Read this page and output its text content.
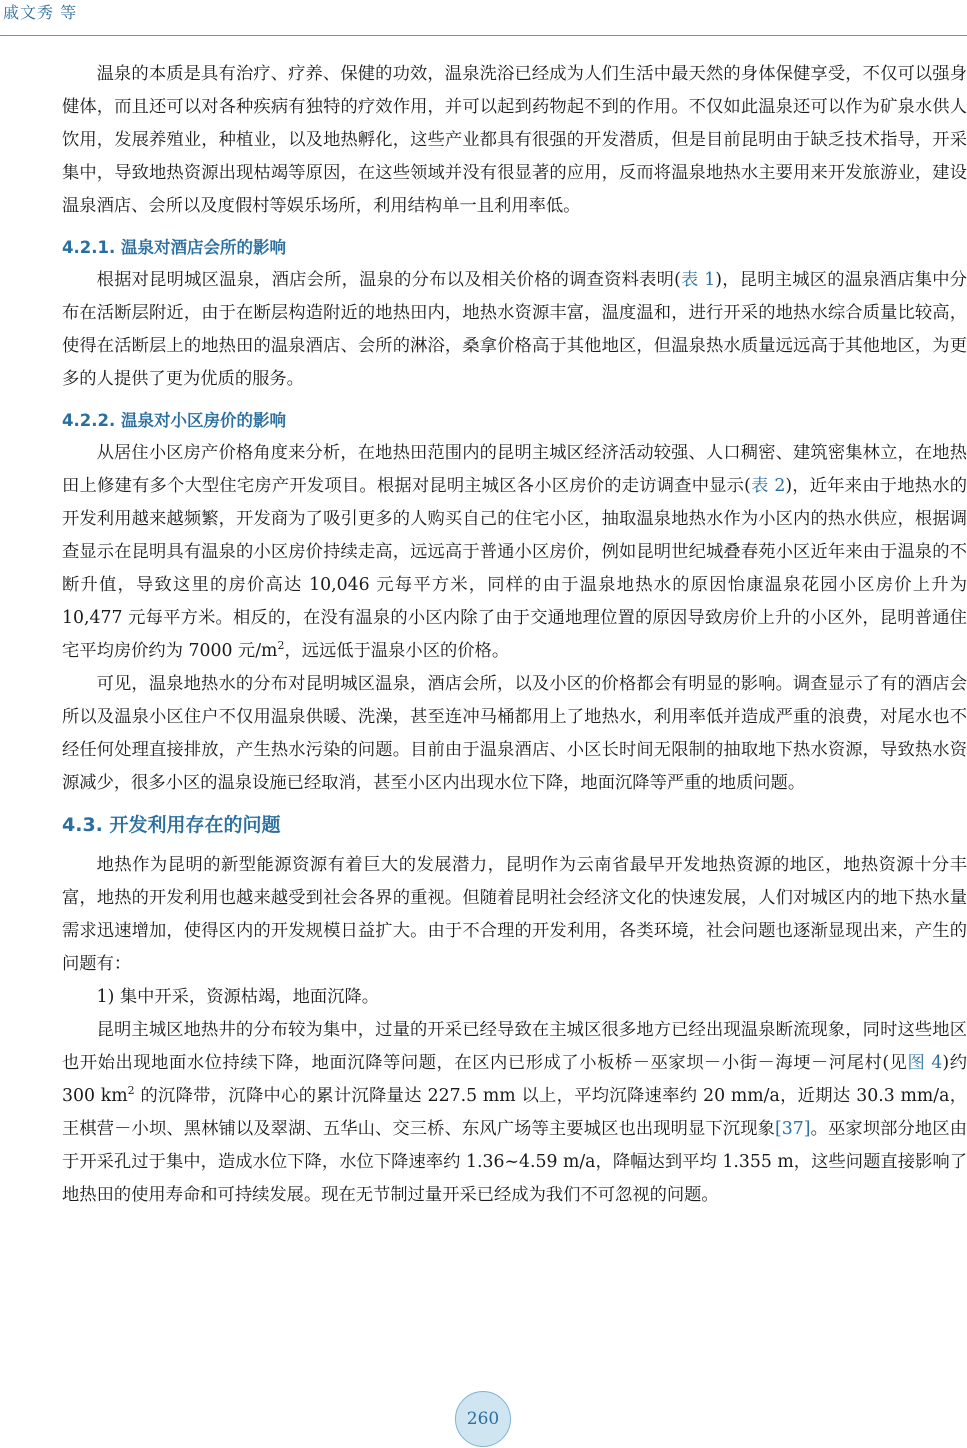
戚文秀 等

温泉的本质是具有治疗、疗养、保健的功效，温泉洗浴已经成为人们生活中最天然的身体保健享受，不仅可以强身健体，而且还可以对各种疾病有独特的疗效作用，并可以起到药物起不到的作用。不仅如此温泉还可以作为矿泉水供人饮用，发展养殖业，种植业，以及地热孵化，这些产业都具有很强的开发潜质，但是目前昆明由于缺乏技术指导，开采集中，导致地热资源出现枯竭等原因，在这些领域并没有很显著的应用，反而将温泉地热水主要用来开发旅游业，建设温泉酒店、会所以及度假村等娱乐场所，利用结构单一且利用率低。

4.2.1. 温泉对酒店会所的影响

根据对昆明城区温泉，酒店会所，温泉的分布以及相关价格的调查资料表明(表 1)，昆明主城区的温泉酒店集中分布在活断层附近，由于在断层构造附近的地热田内，地热水资源丰富，温度温和，进行开采的地热水综合质量比较高，使得在活断层上的地热田的温泉酒店、会所的淋浴，桑拿价格高于其他地区，但温泉热水质量远远高于其他地区，为更多的人提供了更为优质的服务。

4.2.2. 温泉对小区房价的影响

从居住小区房产价格角度来分析，在地热田范围内的昆明主城区经济活动较强、人口稠密、建筑密集林立，在地热田上修建有多个大型住宅房产开发项目。根据对昆明主城区各小区房价的走访调查中显示(表 2)，近年来由于地热水的开发利用越来越频繁，开发商为了吸引更多的人购买自己的住宅小区，抽取温泉地热水作为小区内的热水供应，根据调查显示在昆明具有温泉的小区房价持续走高，远远高于普通小区房价，例如昆明世纪城叠春苑小区近年来由于温泉的不断升值，导致这里的房价高达 10,046 元每平方米，同样的由于温泉地热水的原因怡康温泉花园小区房价上升为 10,477 元每平方米。相反的，在没有温泉的小区内除了由于交通地理位置的原因导致房价上升的小区外，昆明普通住宅平均房价约为 7000 元$/m^2$，远远低于温泉小区的价格。

可见，温泉地热水的分布对昆明城区温泉，酒店会所，以及小区的价格都会有明显的影响。调查显示了有的酒店会所以及温泉小区住户不仅用温泉供暖、洗澡，甚至连冲马桶都用上了地热水，利用率低并造成严重的浪费，对尾水也不经任何处理直接排放，产生热水污染的问题。目前由于温泉酒店、小区长时间无限制的抽取地下热水资源，导致热水资源减少，很多小区的温泉设施已经取消，甚至小区内出现水位下降，地面沉降等严重的地质问题。

4.3. 开发利用存在的问题

地热作为昆明的新型能源资源有着巨大的发展潜力，昆明作为云南省最早开发地热资源的地区，地热资源十分丰富，地热的开发利用也越来越受到社会各界的重视。但随着昆明社会经济文化的快速发展，人们对城区内的地下热水量需求迅速增加，使得区内的开发规模日益扩大。由于不合理的开发利用，各类环境，社会问题也逐渐显现出来，产生的问题有：

1) 集中开采，资源枯竭，地面沉降。

昆明主城区地热井的分布较为集中，过量的开采已经导致在主城区很多地方已经出现温泉断流现象，同时这些地区也开始出现地面水位持续下降，地面沉降等问题，在区内已形成了小板桥－巫家坝－小街－海埂－河尾村(见图 4)约 300 $km^2$ 的沉降带，沉降中心的累计沉降量达 227.5 mm 以上，平均沉降速率约 20 mm/a，近期达 30.3 mm/a，王棋营－小坝、黑林铺以及翠湖、五华山、交三桥、东风广场等主要城区也出现明显下沉现象[37]。巫家坝部分地区由于开采孔过于集中，造成水位下降，水位下降速率约 1.36~4.59 m/a，降幅达到平均 1.355 m，这些问题直接影响了地热田的使用寿命和可持续发展。现在无节制过量开采已经成为我们不可忽视的问题。

260
